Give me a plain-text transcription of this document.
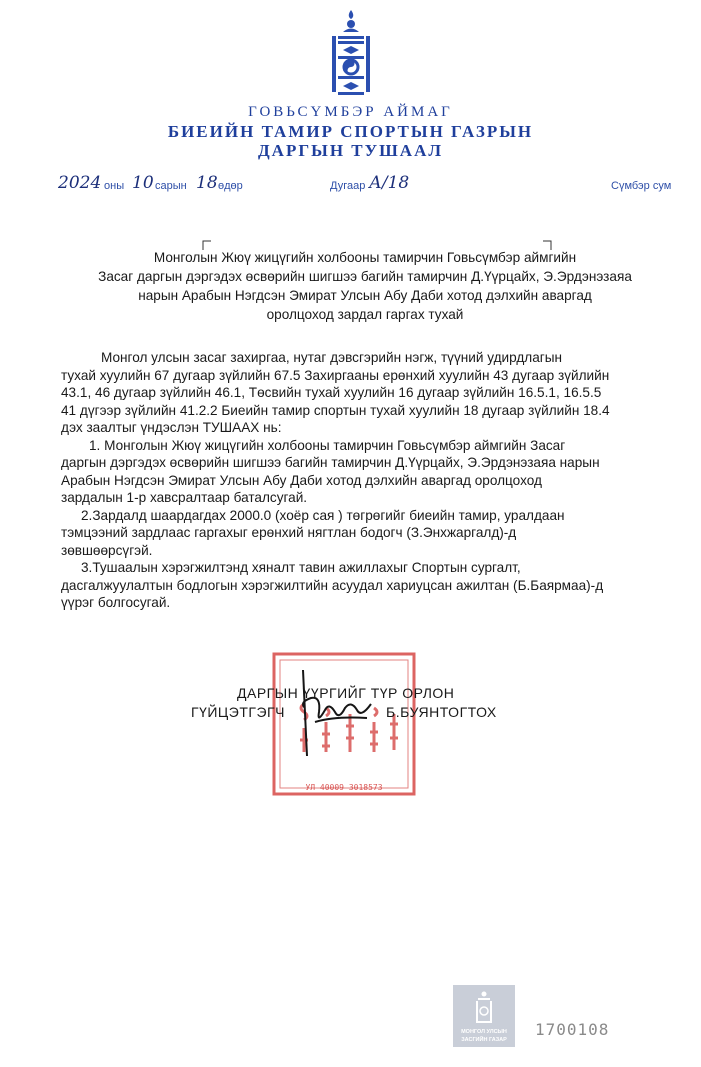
ГОВЬСҮМБЭР АЙМАГ
БИЕИЙН ТАМИР СПОРТЫН ГАЗРЫН
ДАРГЫН ТУШААЛ
2024 оны 10 сарын 18 өдөр	Дугаар А/18	Сүмбэр сум
Монголын Жюү жицүгийн холбооны тамирчин Говьсүмбэр аймгийн
Засаг даргын дэргэдэх өсвөрийн шигшээ багийн тамирчин Д.Үүрцайх, Э.Эрдэнэзаяа
нарын Арабын Нэгдсэн Эмират Улсын Абу Даби хотод дэлхийн аваргад
оролцоход зардал гаргах тухай
Монгол улсын засаг захиргаа, нутаг дэвсгэрийн нэгж, түүний удирдлагын
тухай хуулийн 67 дугаар зүйлийн 67.5 Захиргааны ерөнхий хуулийн 43 дугаар зүйлийн
43.1, 46 дугаар зүйлийн 46.1, Төсвийн тухай хуулийн 16 дугаар зүйлийн 16.5.1, 16.5.5
41 дүгээр зүйлийн 41.2.2 Биеийн тамир спортын тухай хуулийн 18 дугаар зүйлийн 18.4
дэх заалтыг үндэслэн ТУШААХ нь:
1. Монголын Жюү жицүгийн холбооны тамирчин Говьсүмбэр аймгийн Засаг
даргын дэргэдэх өсвөрийн шигшээ багийн тамирчин Д.Үүрцайх, Э.Эрдэнэзаяа нарын
Арабын Нэгдсэн Эмират Улсын Абу Даби хотод дэлхийн аваргад оролцоход
зардалын 1-р хавсралтаар баталсугай.
2.Зардалд шаардагдах 2000.0 (хоёр сая ) төгрөгийг биеийн тамир, уралдаан
тэмцээний зардлаас гаргахыг ерөнхий нягтлан бодогч (З.Энхжаргалд)-д
зөвшөөрсүгэй.
3.Тушаалын хэрэгжилтэнд хяналт тавин ажиллахыг Спортын сургалт,
дасгалжуулалтын бодлогын хэрэгжилтийн асуудал хариуцсан ажилтан (Б.Баярмаа)-д
үүрэг болгосугай.
УЛ 40009 3018573
ДАРГЫН ҮҮРГИЙГ ТҮР ОРЛОН
ГҮЙЦЭТГЭГЧ	Б.БУЯНТОГТОХ
МОНГОЛ УЛСЫН
ЗАСГИЙН ГАЗАР
1700108
